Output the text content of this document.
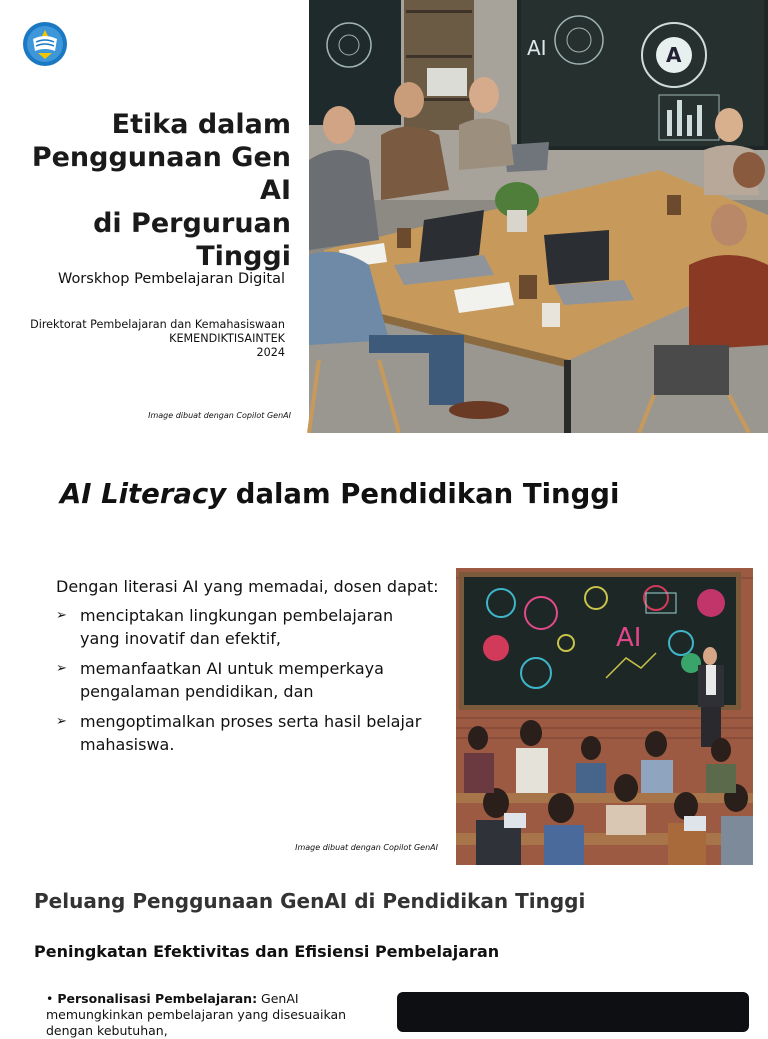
Etika dalam
Penggunaan Gen AI
di Perguruan Tinggi
Worskhop Pembelajaran Digital
Direktorat Pembelajaran dan Kemahasiswaan
KEMENDIKTISAINTEK
2024
Image dibuat dengan Copilot GenAI
A
AI
AI Literacy dalam Pendidikan Tinggi
Dengan literasi AI yang memadai, dosen dapat:
➢ menciptakan lingkungan pembelajaran yang inovatif dan efektif,
➢ memanfaatkan AI untuk memperkaya pengalaman pendidikan, dan
➢ mengoptimalkan proses serta hasil belajar mahasiswa.
Image dibuat dengan Copilot GenAI
AI
Peluang Penggunaan GenAI di Pendidikan Tinggi
Peningkatan Efektivitas dan Efisiensi Pembelajaran
• Personalisasi Pembelajaran: GenAI memungkinkan pembelajaran yang disesuaikan dengan kebutuhan,
